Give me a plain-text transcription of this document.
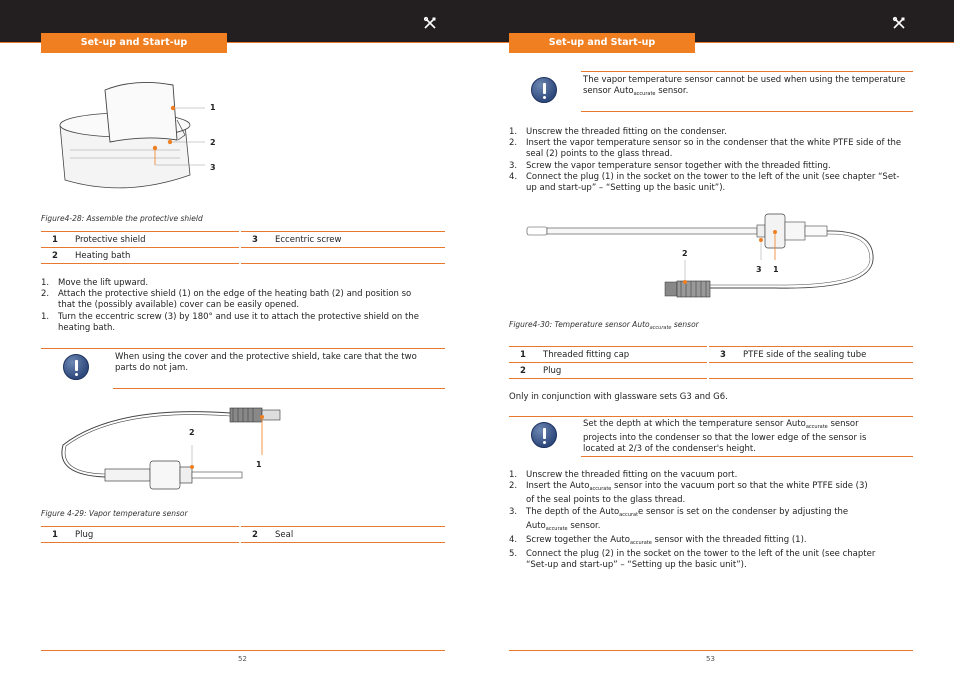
Set-up and Start-up	Set-up and Start-up
1
2
3
Figure4-28: Assemble the protective shield
1	Protective shield		3	Eccentric screw
2	Heating bath			
1. Move the lift upward.
2. Attach the protective shield (1) on the edge of the heating bath (2) and position so that the (possibly available) cover can be easily opened.
1. Turn the eccentric screw (3) by 180° and use it to attach the protective shield on the heating bath.
When using the cover and the protective shield, take care that the two parts do not jam.
2
1
Figure 4-29: Vapor temperature sensor
1	Plug		2	Seal
52
The vapor temperature sensor cannot be used when using the temperature sensor Auto$_{accurate}$ sensor.
1. Unscrew the threaded fitting on the condenser.
2. Insert the vapor temperature sensor so in the condenser that the white PTFE side of the seal (2) points to the glass thread.
3. Screw the vapor temperature sensor together with the threaded fitting.
4. Connect the plug (1) in the socket on the tower to the left of the unit (see chapter “Set-up and start-up” – “Setting up the basic unit”).
2
3 1
Figure4-30: Temperature sensor Auto$_{accurate}$ sensor
1	Threaded fitting cap		3	PTFE side of the sealing tube
2	Plug			
Only in conjunction with glassware sets G3 and G6.
Set the depth at which the temperature sensor Auto$_{accurate}$ sensor
projects into the condenser so that the lower edge of the sensor is
located at 2/3 of the condenser's height.
1. Unscrew the threaded fitting on the vacuum port.
2. Insert the Auto$_{accurate}$ sensor into the vacuum port so that the white PTFE side (3)
of the seal points to the glass thread.
3. The depth of the Auto$_{accurat}$e sensor is set on the condenser by adjusting the
Auto$_{accurate}$ sensor.
4. Screw together the Auto$_{accurate}$ sensor with the threaded fitting (1).
5. Connect the plug (2) in the socket on the tower to the left of the unit (see chapter
“Set-up and start-up” – “Setting up the basic unit”).
53
